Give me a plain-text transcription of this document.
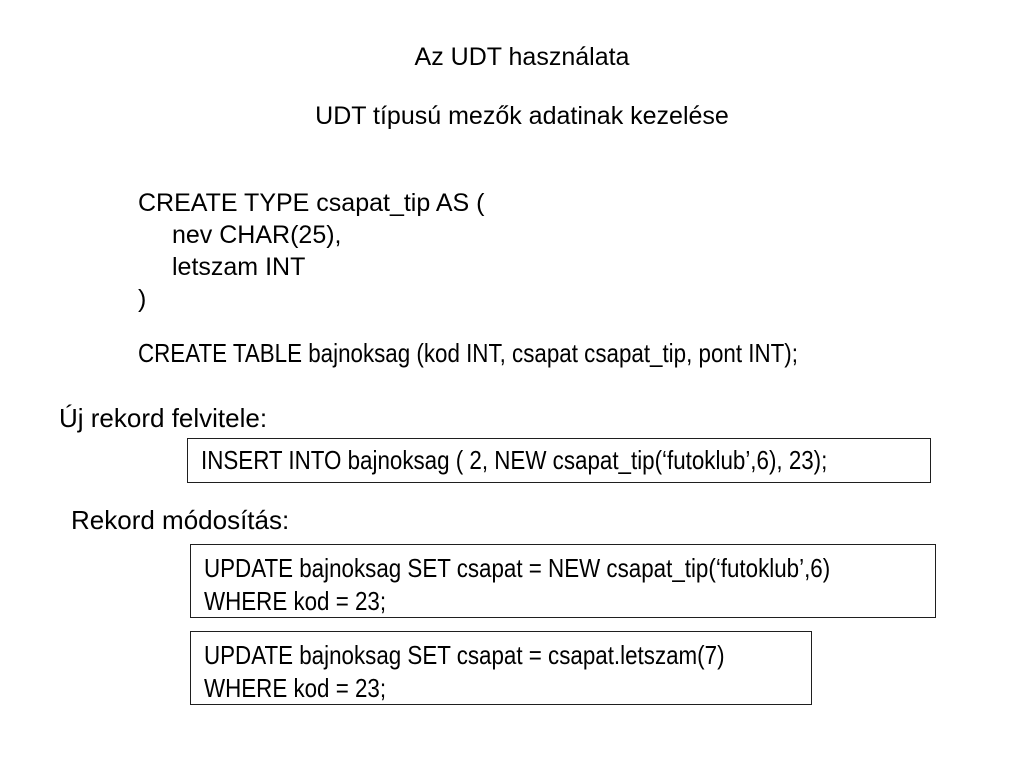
Az UDT használata
UDT típusú mezők adatinak kezelése
CREATE TYPE csapat_tip AS (
nev CHAR(25),
letszam INT
)
CREATE TABLE bajnoksag (kod INT, csapat csapat_tip, pont INT);
Új rekord felvitele:
INSERT INTO bajnoksag ( 2, NEW csapat_tip(‘futoklub’,6), 23);
Rekord módosítás:
UPDATE bajnoksag SET csapat = NEW csapat_tip(‘futoklub’,6)
WHERE kod = 23;
UPDATE bajnoksag SET csapat = csapat.letszam(7)
WHERE kod = 23;
